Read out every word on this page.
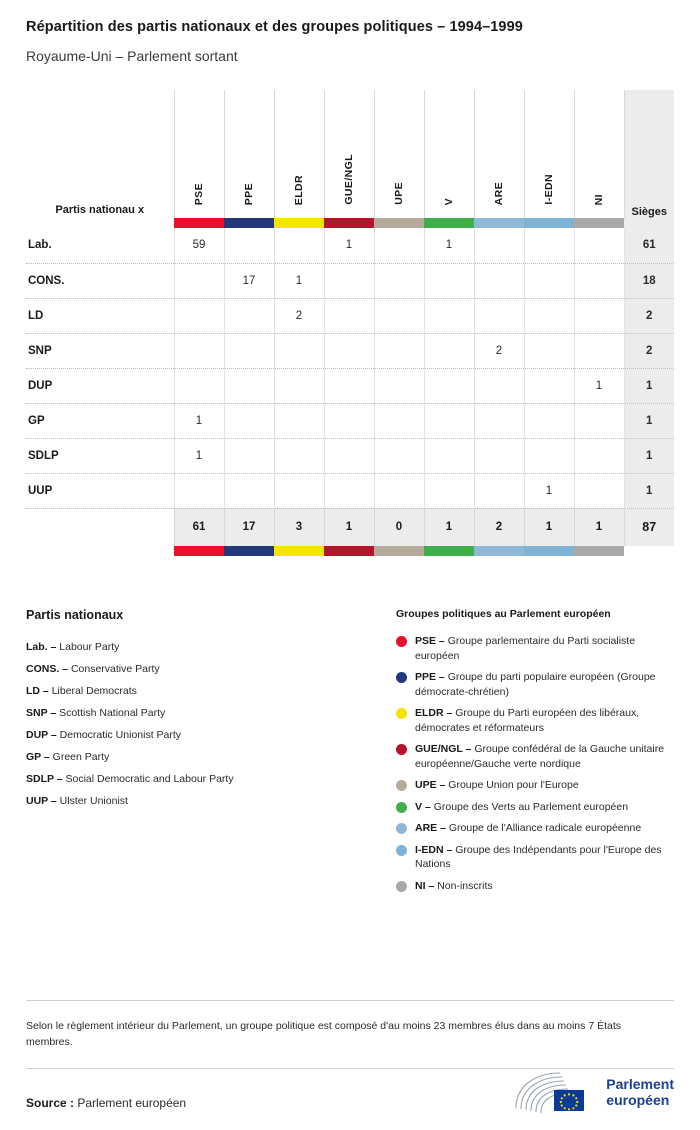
Répartition des partis nationaux et des groupes politiques – 1994–1999
Royaume-Uni – Parlement sortant
Partis nationau x	PSE	PPE	ELDR	GUE/NGL	UPE	V	ARE	I-EDN	NI	Sièges

Lab.	59			1		1				61
CONS.		17	1							18
LD			2							2
SNP							2			2
DUP									1	1
GP	1									1
SDLP	1									1
UUP								1		1
	61	17	3	1	0	1	2	1	1	87

Partis nationaux
Lab. – Labour Party
CONS. – Conservative Party
LD – Liberal Democrats
SNP – Scottish National Party
DUP – Democratic Unionist Party
GP – Green Party
SDLP – Social Democratic and Labour Party
UUP – Ulster Unionist
Groupes politiques au Parlement européen
PSE – Groupe parlementaire du Parti socialiste européen
PPE – Groupe du parti populaire européen (Groupe démocrate-chrétien)
ELDR – Groupe du Parti européen des libéraux, démocrates et réformateurs
GUE/NGL – Groupe confédéral de la Gauche unitaire européenne/Gauche verte nordique
UPE – Groupe Union pour l'Europe
V – Groupe des Verts au Parlement européen
ARE – Groupe de l'Alliance radicale européenne
I-EDN – Groupe des Indépendants pour l'Europe des Nations
NI – Non-inscrits
Selon le règlement intérieur du Parlement, un groupe politique est composé d'au moins 23 membres élus dans au moins 7 États membres.
Source : Parlement européen
Parlement
européen
